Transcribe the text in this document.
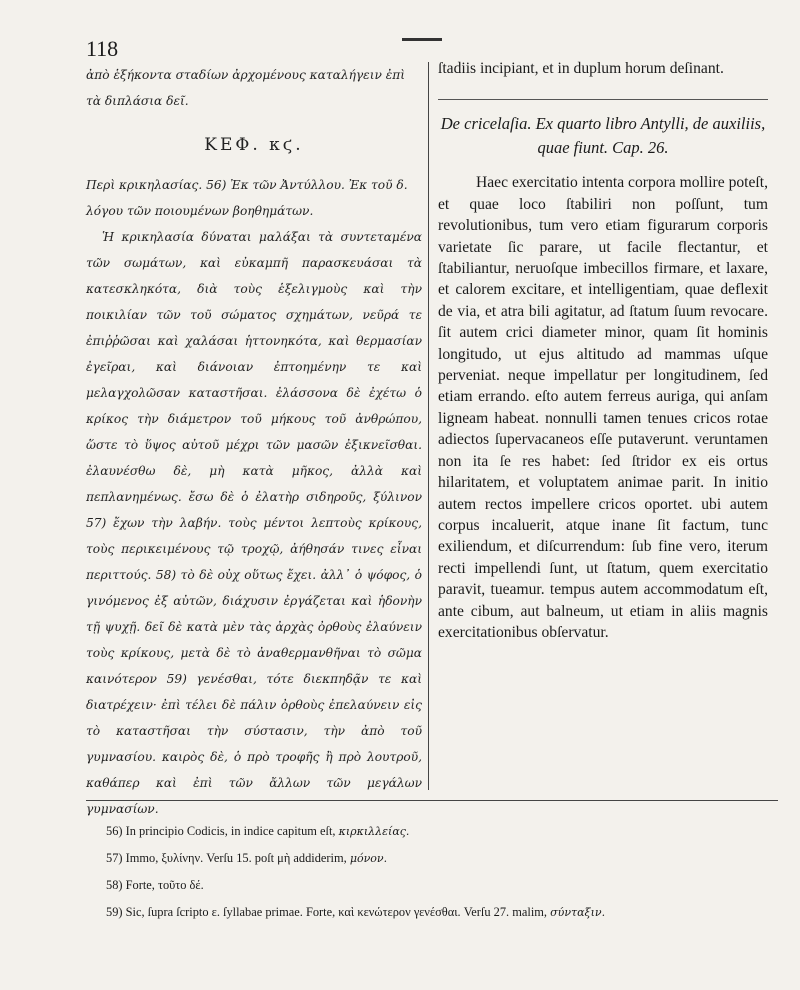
118

ἀπὸ ἑξήκοντα σταδίων ἀρχομένους καταλήγειν ἐπὶ τὰ διπλάσια δεῖ.

ΚΕΦ. κϛ.

Περὶ κρικηλασίας. 56) Ἐκ τῶν Ἀντύλλου. Ἐκ τοῦ δ. λόγου τῶν ποιουμένων βοηθημάτων.

Ἡ κρικηλασία δύναται μαλάξαι τὰ συντεταμένα τῶν σωμάτων, καὶ εὐκαμπῆ παρασκευάσαι τὰ κατεσκληκότα, διὰ τοὺς ἑξελιγμοὺς καὶ τὴν ποικιλίαν τῶν τοῦ σώματος σχημάτων, νεῦρά τε ἐπιῤῥῶσαι καὶ χαλάσαι ἡττονηκότα, καὶ θερμασίαν ἐγεῖραι, καὶ διάνοιαν ἐπτοημένην τε καὶ μελαγχολῶσαν καταστῆσαι. ἐλάσσονα δὲ ἐχέτω ὁ κρίκος τὴν διάμετρον τοῦ μήκους τοῦ ἀνθρώπου, ὥστε τὸ ὕψος αὐτοῦ μέχρι τῶν μασῶν ἐξικνεῖσθαι. ἐλαυνέσθω δὲ, μὴ κατὰ μῆκος, ἀλλὰ καὶ πεπλανημένως. ἔσω δὲ ὁ ἐλατὴρ σιδηροῦς, ξύλινον 57) ἔχων τὴν λαβήν. τοὺς μέντοι λεπτοὺς κρίκους, τοὺς περικειμένους τῷ τροχῷ, ἀήθησάν τινες εἶναι περιττούς. 58) τὸ δὲ οὐχ οὕτως ἔχει. ἀλλ᾽ ὁ ψόφος, ὁ γινόμενος ἐξ αὐτῶν, διάχυσιν ἐργάζεται καὶ ἡδονὴν τῇ ψυχῇ. δεῖ δὲ κατὰ μὲν τὰς ἀρχὰς ὀρθοὺς ἐλαύνειν τοὺς κρίκους, μετὰ δὲ τὸ ἀναθερμανθῆναι τὸ σῶμα καινότερον 59) γενέσθαι, τότε διεκπηδᾷν τε καὶ διατρέχειν· ἐπὶ τέλει δὲ πάλιν ὀρθοὺς ἐπελαύνειν εἰς τὸ καταστῆσαι τὴν σύστασιν, τὴν ἀπὸ τοῦ γυμνασίου. καιρὸς δὲ, ὁ πρὸ τροφῆς ἢ πρὸ λουτροῦ, καθάπερ καὶ ἐπὶ τῶν ἄλλων τῶν μεγάλων γυμνασίων.

ſtadiis incipiant, et in duplum horum deſinant.

De cricelaſia. Ex quarto libro Antylli, de auxiliis, quae fiunt. Cap. 26.

Haec exercitatio intenta corpora mollire poteſt, et quae loco ſtabiliri non poſſunt, tum revolutionibus, tum vero etiam figurarum corporis varietate ſic parare, ut facile flectantur, et ſtabiliantur, neruoſque imbecillos firmare, et laxare, et calorem excitare, et intelligentiam, quae deflexit de via, et atra bili agitatur, ad ſtatum ſuum revocare. ſit autem crici diameter minor, quam ſit hominis longitudo, ut ejus altitudo ad mammas uſque perveniat. neque impellatur per longitudinem, ſed etiam errando. eſto autem ferreus auriga, qui anſam ligneam habeat. nonnulli tamen tenues cricos rotae adiectos ſupervacaneos eſſe putaverunt. veruntamen non ita ſe res habet: ſed ſtridor ex eis ortus hilaritatem, et voluptatem animae parit. In initio autem rectos impellere cricos oportet. ubi autem corpus incaluerit, atque inane ſit factum, tunc exiliendum, et diſcurrendum: ſub fine vero, iterum recti impellendi ſunt, ut ſtatum, quem exercitatio paravit, tueamur. tempus autem accommodatum eſt, ante cibum, aut balneum, ut etiam in aliis magnis exercitationibus obſervatur.

56) In principio Codicis, in indice capitum eſt, κιρκιλλείας.

57) Immo, ξυλίνην. Verſu 15. poſt μὴ addiderim, μόνον.

58) Forte, τοῦτο δέ.

59) Sic, ſupra ſcripto ε. ſyllabae primae. Forte, καὶ κενώτερον γενέσθαι. Verſu 27. malim, σύνταξιν.
